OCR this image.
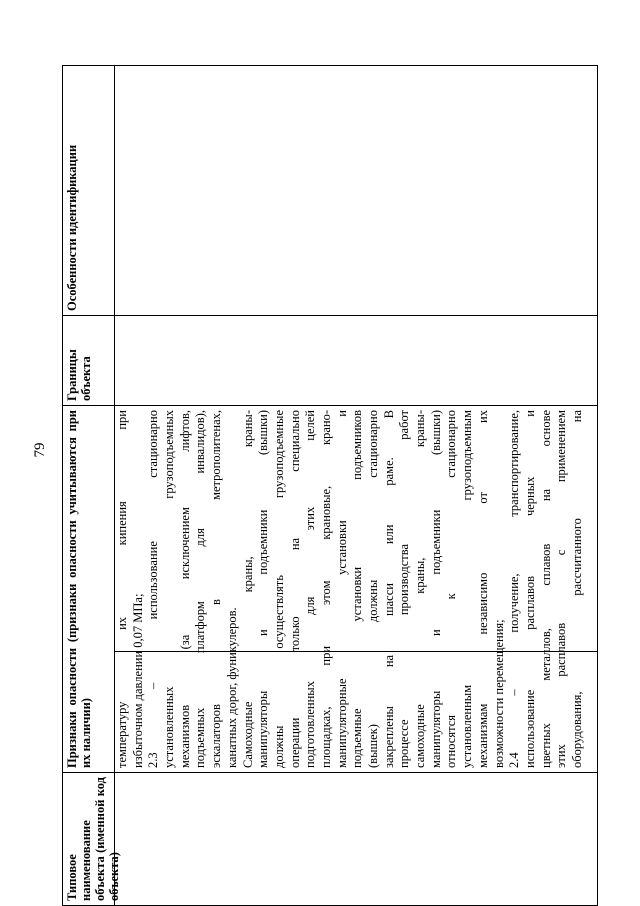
79
Типовое наименование объекта (именной код объекта)
Признаки опасности (признаки опасности учитываются при их наличии)	температуру их кипения при избыточном давлении 0,07 МПа; 2.3 – использование стационарно установленных грузоподъемных механизмов (за исключением лифтов, подъемных платформ для инвалидов), эскалаторов в метрополитенах, канатных дорог, фуникулеров. Самоходные краны, краны- манипуляторы и подъемники (вышки) должны осуществлять грузоподъемные операции только на специально подготовленных для этих целей площадках, при этом крановые, крано- манипуляторные установки и подъемные установки подъемников (вышек) должны стационарно закреплены на шасси или раме. В процессе производства работ самоходные краны, краны- манипуляторы и подъемники (вышки) относятся к стационарно установленным грузоподъемным механизмам независимо от их возможности перемещения; 2.4 – получение, транспортирование, использование расплавов черных и цветных металлов, сплавов на основе этих расплавов с применением оборудования, рассчитанного на
Границы объекта
Особенности идентификации
